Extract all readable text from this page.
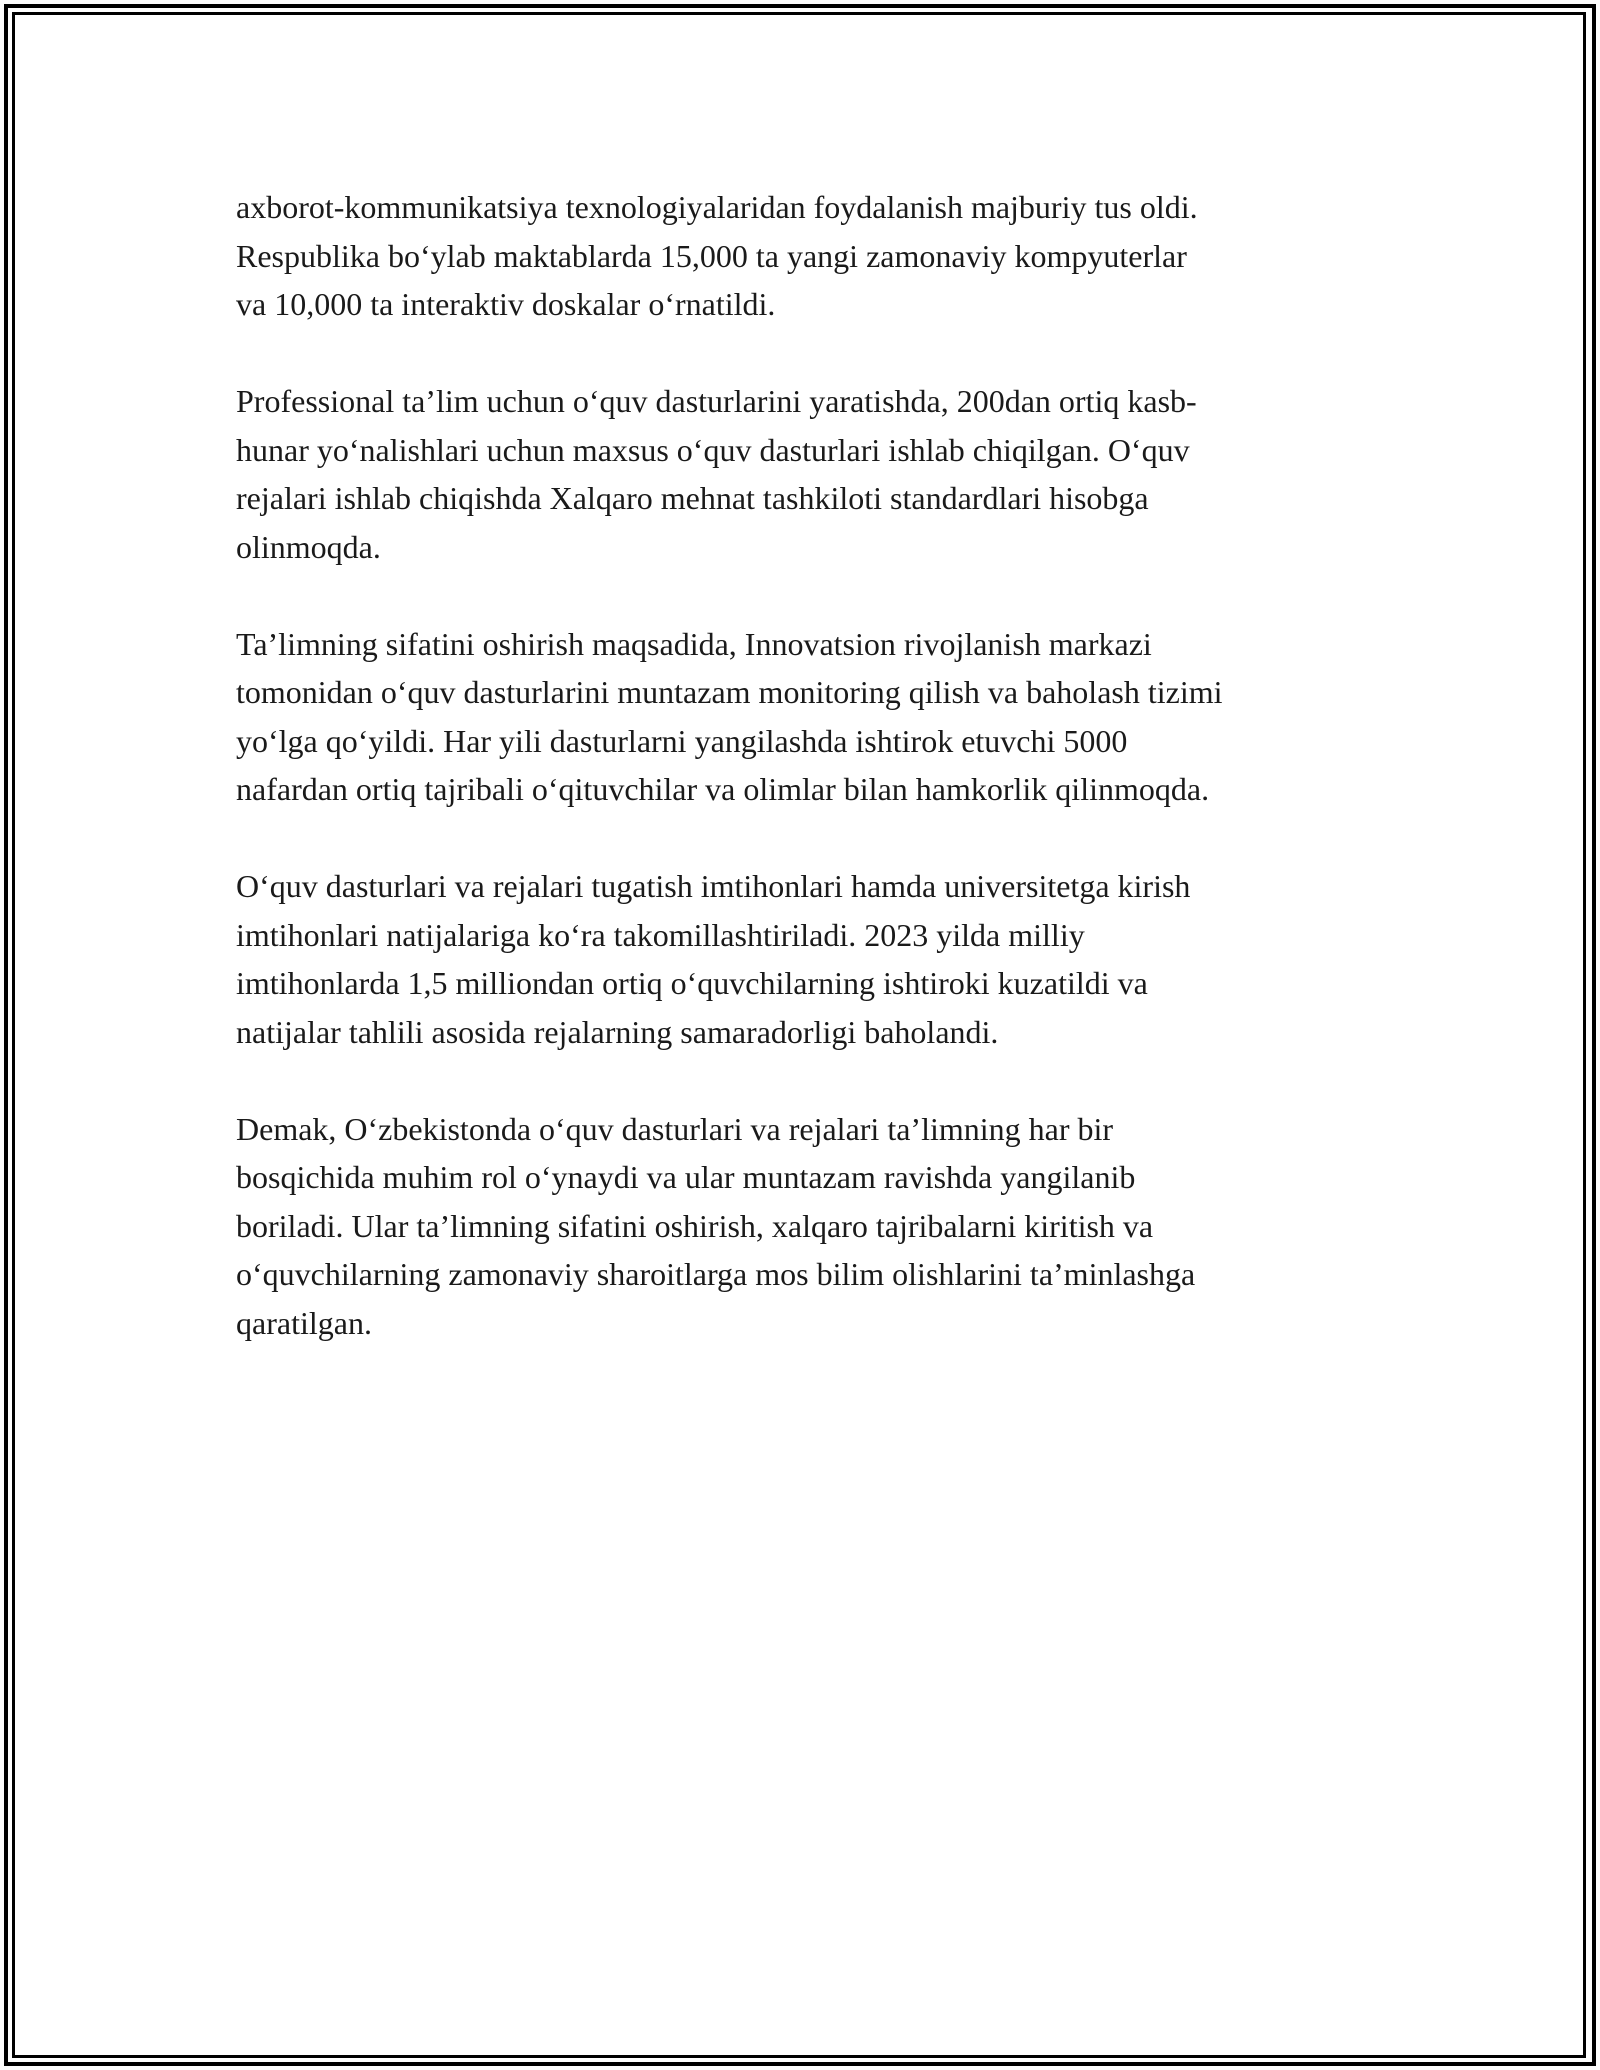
axborot-kommunikatsiya texnologiyalaridan foydalanish majburiy tus oldi.
Respublika bo‘ylab maktablarda 15,000 ta yangi zamonaviy kompyuterlar
va 10,000 ta interaktiv doskalar o‘rnatildi.

Professional ta’lim uchun o‘quv dasturlarini yaratishda, 200dan ortiq kasb-
hunar yo‘nalishlari uchun maxsus o‘quv dasturlari ishlab chiqilgan. O‘quv
rejalari ishlab chiqishda Xalqaro mehnat tashkiloti standardlari hisobga
olinmoqda.

Ta’limning sifatini oshirish maqsadida, Innovatsion rivojlanish markazi
tomonidan o‘quv dasturlarini muntazam monitoring qilish va baholash tizimi
yo‘lga qo‘yildi. Har yili dasturlarni yangilashda ishtirok etuvchi 5000
nafardan ortiq tajribali o‘qituvchilar va olimlar bilan hamkorlik qilinmoqda.

O‘quv dasturlari va rejalari tugatish imtihonlari hamda universitetga kirish
imtihonlari natijalariga ko‘ra takomillashtiriladi. 2023 yilda milliy
imtihonlarda 1,5 milliondan ortiq o‘quvchilarning ishtiroki kuzatildi va
natijalar tahlili asosida rejalarning samaradorligi baholandi.

Demak, O‘zbekistonda o‘quv dasturlari va rejalari ta’limning har bir
bosqichida muhim rol o‘ynaydi va ular muntazam ravishda yangilanib
boriladi. Ular ta’limning sifatini oshirish, xalqaro tajribalarni kiritish va
o‘quvchilarning zamonaviy sharoitlarga mos bilim olishlarini ta’minlashga
qaratilgan.
